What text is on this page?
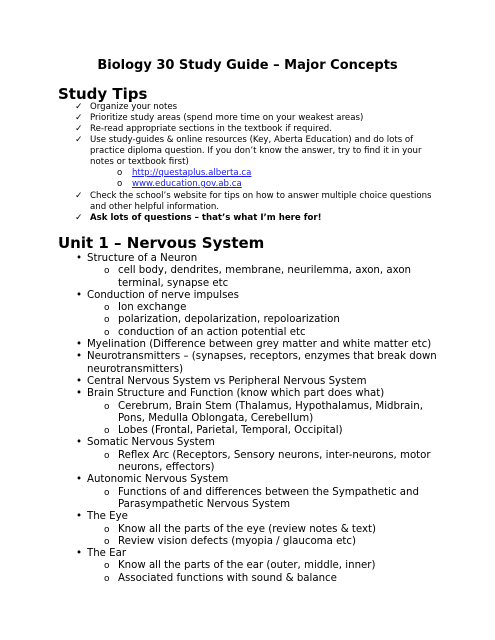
Biology 30 Study Guide – Major Concepts
Study Tips
✓ Organize your notes
✓ Prioritize study areas (spend more time on your weakest areas)
✓ Re-read appropriate sections in the textbook if required.
✓ Use study-guides & online resources (Key, Aberta Education) and do lots of practice diploma question. If you don’t know the answer, try to find it in your notes or textbook first)
o http://questaplus.alberta.ca
o www.education.gov.ab.ca
✓ Check the school’s website for tips on how to answer multiple choice questions and other helpful information.
✓ Ask lots of questions – that’s what I’m here for!
Unit 1 – Nervous System
• Structure of a Neuron
o cell body, dendrites, membrane, neurilemma, axon, axon terminal, synapse etc
• Conduction of nerve impulses
o Ion exchange
o polarization, depolarization, repoloarization
o conduction of an action potential etc
• Myelination (Difference between grey matter and white matter etc)
• Neurotransmitters – (synapses, receptors, enzymes that break down neurotransmitters)
• Central Nervous System vs Peripheral Nervous System
• Brain Structure and Function (know which part does what)
o Cerebrum, Brain Stem (Thalamus, Hypothalamus, Midbrain, Pons, Medulla Oblongata, Cerebellum)
o Lobes (Frontal, Parietal, Temporal, Occipital)
• Somatic Nervous System
o Reflex Arc (Receptors, Sensory neurons, inter-neurons, motor neurons, effectors)
• Autonomic Nervous System
o Functions of and differences between the Sympathetic and Parasympathetic Nervous System
• The Eye
o Know all the parts of the eye (review notes & text)
o Review vision defects (myopia / glaucoma etc)
• The Ear
o Know all the parts of the ear (outer, middle, inner)
o Associated functions with sound & balance
